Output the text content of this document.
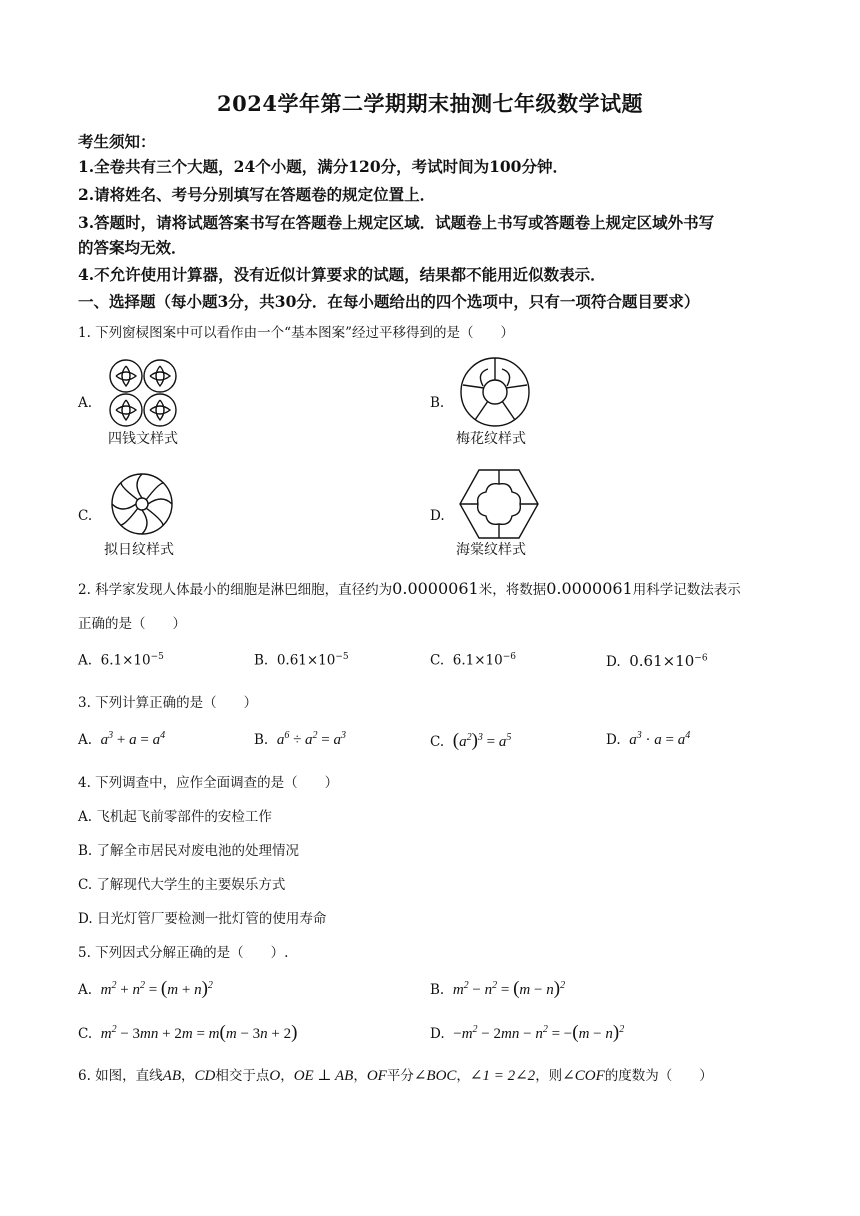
2024学年第二学期期末抽测七年级数学试题
考生须知：
1.全卷共有三个大题，24个小题，满分120分，考试时间为100分钟．
2.请将姓名、考号分别填写在答题卷的规定位置上．
3.答题时，请将试题答案书写在答题卷上规定区域．试题卷上书写或答题卷上规定区域外书写
的答案均无效．
4.不允许使用计算器，没有近似计算要求的试题，结果都不能用近似数表示．
一、选择题（每小题3分，共30分．在每小题给出的四个选项中，只有一项符合题目要求）
1. 下列窗棂图案中可以看作由一个“基本图案”经过平移得到的是（　　）
A.
四钱文样式
B.
梅花纹样式
C.
拟日纹样式
D.
海棠纹样式
2. 科学家发现人体最小的细胞是淋巴细胞，直径约为0.0000061米，将数据0.0000061用科学记数法表示
正确的是（　　）
A. $6.1\times 10^{-5}$	B. $0.61\times 10^{-5}$	C. $6.1\times 10^{-6}$	D. $0.61\times 10^{-6}$
3. 下列计算正确的是（　　）
A. $a^3 + a = a^4$	B. $a^6 \div a^2 = a^3$	C. $(a^2)^3 = a^5$	D. $a^3 \cdot a = a^4$
4. 下列调查中，应作全面调查的是（　　）
A. 飞机起飞前零部件的安检工作
B. 了解全市居民对废电池的处理情况
C. 了解现代大学生的主要娱乐方式
D. 日光灯管厂要检测一批灯管的使用寿命
5. 下列因式分解正确的是（　　）.
A. $m^2 + n^2 = (m + n)^2$	B. $m^2 - n^2 = (m - n)^2$
C. $m^2 - 3mn + 2m = m(m - 3n + 2)$	D. $-m^2 - 2mn - n^2 = -(m - n)^2$
6. 如图，直线AB，CD相交于点O，OE ⊥ AB，OF平分∠BOC，∠1 = 2∠2，则∠COF的度数为（　　）
